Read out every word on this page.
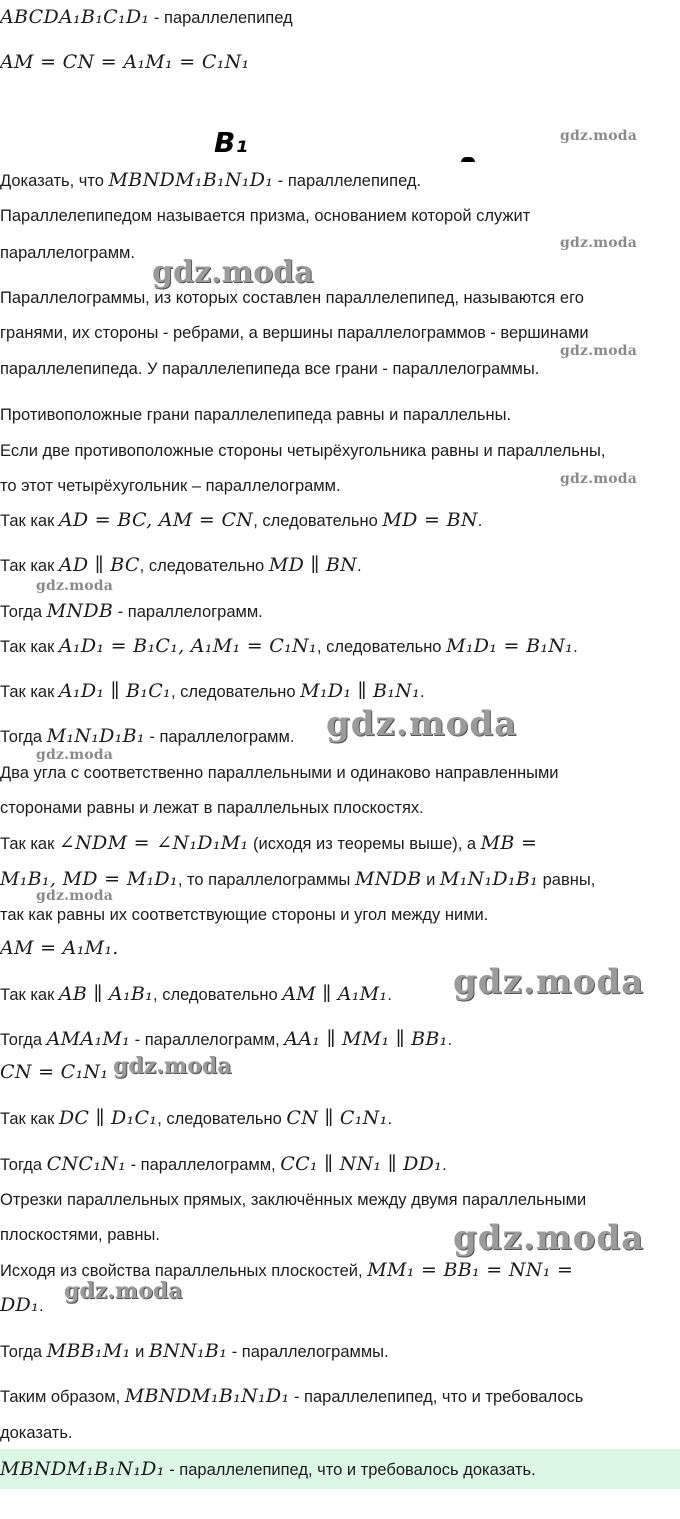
ABCDA₁B₁C₁D₁ - параллелепипед
AM = CN = A₁M₁ = C₁N₁
B₁
Доказать, что MBNDM₁B₁N₁D₁ - параллелепипед.
Параллелепипедом называется призма, основанием которой служит
параллелограмм.
Параллелограммы, из которых составлен параллелепипед, называются его
гранями, их стороны - ребрами, а вершины параллелограммов - вершинами
параллелепипеда. У параллелепипеда все грани - параллелограммы.
Противоположные грани параллелепипеда равны и параллельны.
Если две противоположные стороны четырёхугольника равны и параллельны,
то этот четырёхугольник – параллелограмм.
Так как AD = BC, AM = CN, следовательно MD = BN.
Так как AD ∥ BC, следовательно MD ∥ BN.
Тогда MNDB - параллелограмм.
Так как A₁D₁ = B₁C₁, A₁M₁ = C₁N₁, следовательно M₁D₁ = B₁N₁.
Так как A₁D₁ ∥ B₁C₁, следовательно M₁D₁ ∥ B₁N₁.
Тогда M₁N₁D₁B₁ - параллелограмм.
Два угла с соответственно параллельными и одинаково направленными
сторонами равны и лежат в параллельных плоскостях.
Так как ∠NDM = ∠N₁D₁M₁ (исходя из теоремы выше), а MB =
M₁B₁, MD = M₁D₁, то параллелограммы MNDB и M₁N₁D₁B₁ равны,
так как равны их соответствующие стороны и угол между ними.
AM = A₁M₁.
Так как AB ∥ A₁B₁, следовательно AM ∥ A₁M₁.
Тогда AMA₁M₁ - параллелограмм, AA₁ ∥ MM₁ ∥ BB₁.
CN = C₁N₁
Так как DC ∥ D₁C₁, следовательно CN ∥ C₁N₁.
Тогда CNC₁N₁ - параллелограмм, CC₁ ∥ NN₁ ∥ DD₁.
Отрезки параллельных прямых, заключённых между двумя параллельными
плоскостями, равны.
Исходя из свойства параллельных плоскостей, MM₁ = BB₁ = NN₁ =
DD₁.
Тогда MBB₁M₁ и BNN₁B₁ - параллелограммы.
Таким образом, MBNDM₁B₁N₁D₁ - параллелепипед, что и требовалось
доказать.
MBNDM₁B₁N₁D₁ - параллелепипед, что и требовалось доказать.
gdz.moda
gdz.moda
gdz.moda
gdz.moda
gdz.moda
gdz.moda
gdz.moda
gdz.moda
gdz.moda
gdz.moda
gdz.moda
gdz.moda
gdz.moda
